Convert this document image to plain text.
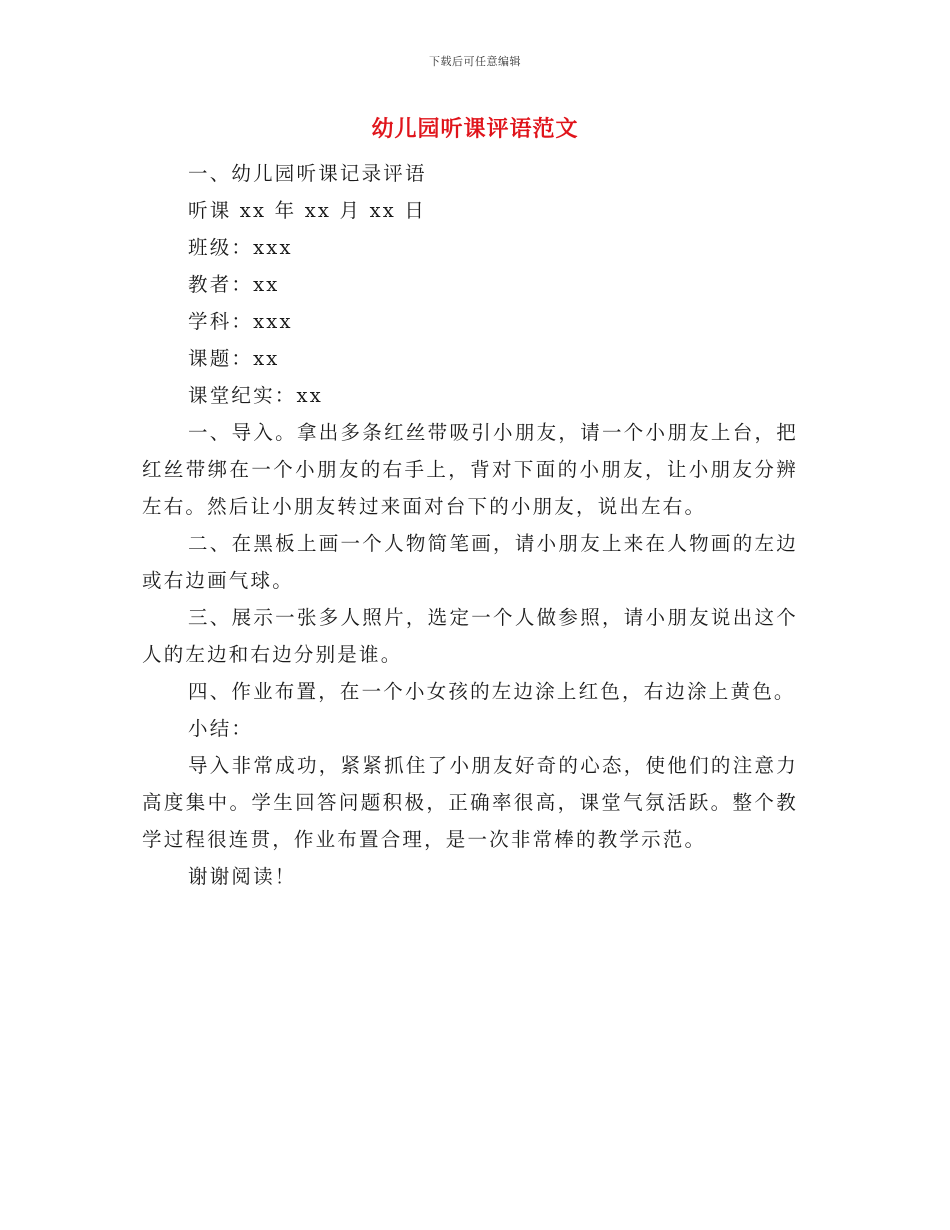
下载后可任意编辑
幼儿园听课评语范文

一、幼儿园听课记录评语

听课 xx 年 xx 月 xx 日

班级：xxx

教者：xx

学科：xxx

课题：xx

课堂纪实：xx

一、导入。拿出多条红丝带吸引小朋友，请一个小朋友上台，把红丝带绑在一个小朋友的右手上，背对下面的小朋友，让小朋友分辨左右。然后让小朋友转过来面对台下的小朋友，说出左右。

二、在黑板上画一个人物简笔画，请小朋友上来在人物画的左边或右边画气球。

三、展示一张多人照片，选定一个人做参照，请小朋友说出这个人的左边和右边分别是谁。

四、作业布置，在一个小女孩的左边涂上红色，右边涂上黄色。

小结：

导入非常成功，紧紧抓住了小朋友好奇的心态，使他们的注意力高度集中。学生回答问题积极，正确率很高，课堂气氛活跃。整个教学过程很连贯，作业布置合理，是一次非常棒的教学示范。

谢谢阅读！
